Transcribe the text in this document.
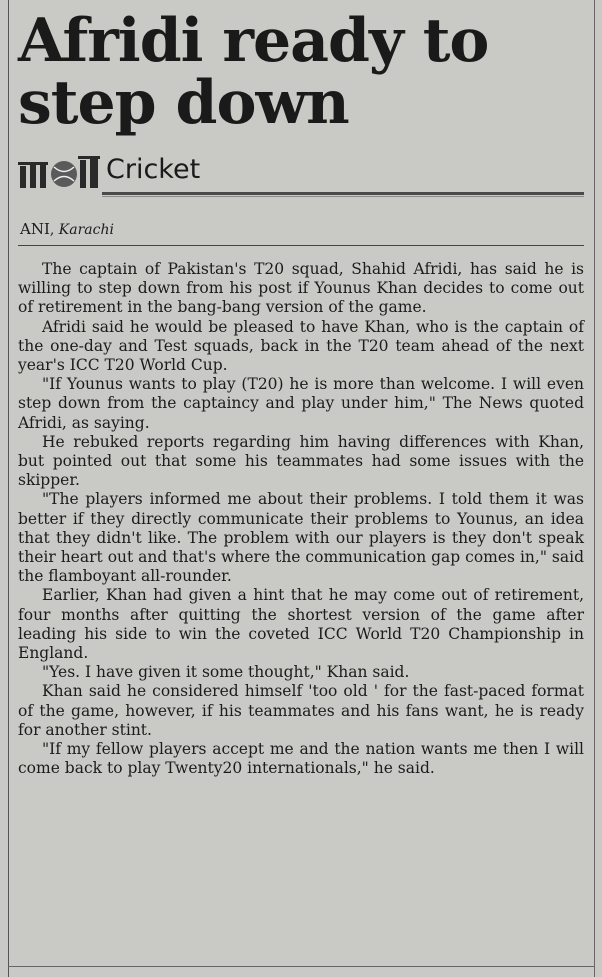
Afridi ready to step down
Cricket
ANI, Karachi

The captain of Pakistan's T20 squad, Shahid Afridi, has said he is willing to step down from his post if Younus Khan decides to come out of retirement in the bang-bang version of the game.

Afridi said he would be pleased to have Khan, who is the captain of the one-day and Test squads, back in the T20 team ahead of the next year's ICC T20 World Cup.

"If Younus wants to play (T20) he is more than welcome. I will even step down from the captaincy and play under him," The News quoted Afridi, as saying.

He rebuked reports regarding him having differences with Khan, but pointed out that some his teammates had some issues with the skipper.

"The players informed me about their problems. I told them it was better if they directly communicate their problems to Younus, an idea that they didn't like. The problem with our players is they don't speak their heart out and that's where the communication gap comes in," said the flamboyant all-rounder.

Earlier, Khan had given a hint that he may come out of retirement, four months after quitting the shortest version of the game after leading his side to win the coveted ICC World T20 Championship in England.

"Yes. I have given it some thought," Khan said.

Khan said he considered himself 'too old ' for the fast-paced format of the game, however, if his teammates and his fans want, he is ready for another stint.

"If my fellow players accept me and the nation wants me then I will come back to play Twenty20 internationals," he said.
